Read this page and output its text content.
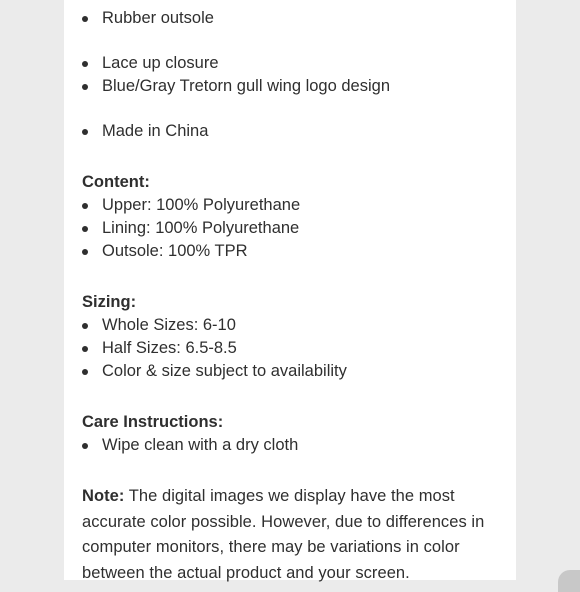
Rubber outsole
Lace up closure
Blue/Gray Tretorn gull wing logo design
Made in China
Content:
Upper: 100% Polyurethane
Lining: 100% Polyurethane
Outsole: 100% TPR
Sizing:
Whole Sizes: 6-10
Half Sizes: 6.5-8.5
Color & size subject to availability
Care Instructions:
Wipe clean with a dry cloth
Note: The digital images we display have the most accurate color possible. However, due to differences in computer monitors, there may be variations in color between the actual product and your screen.
